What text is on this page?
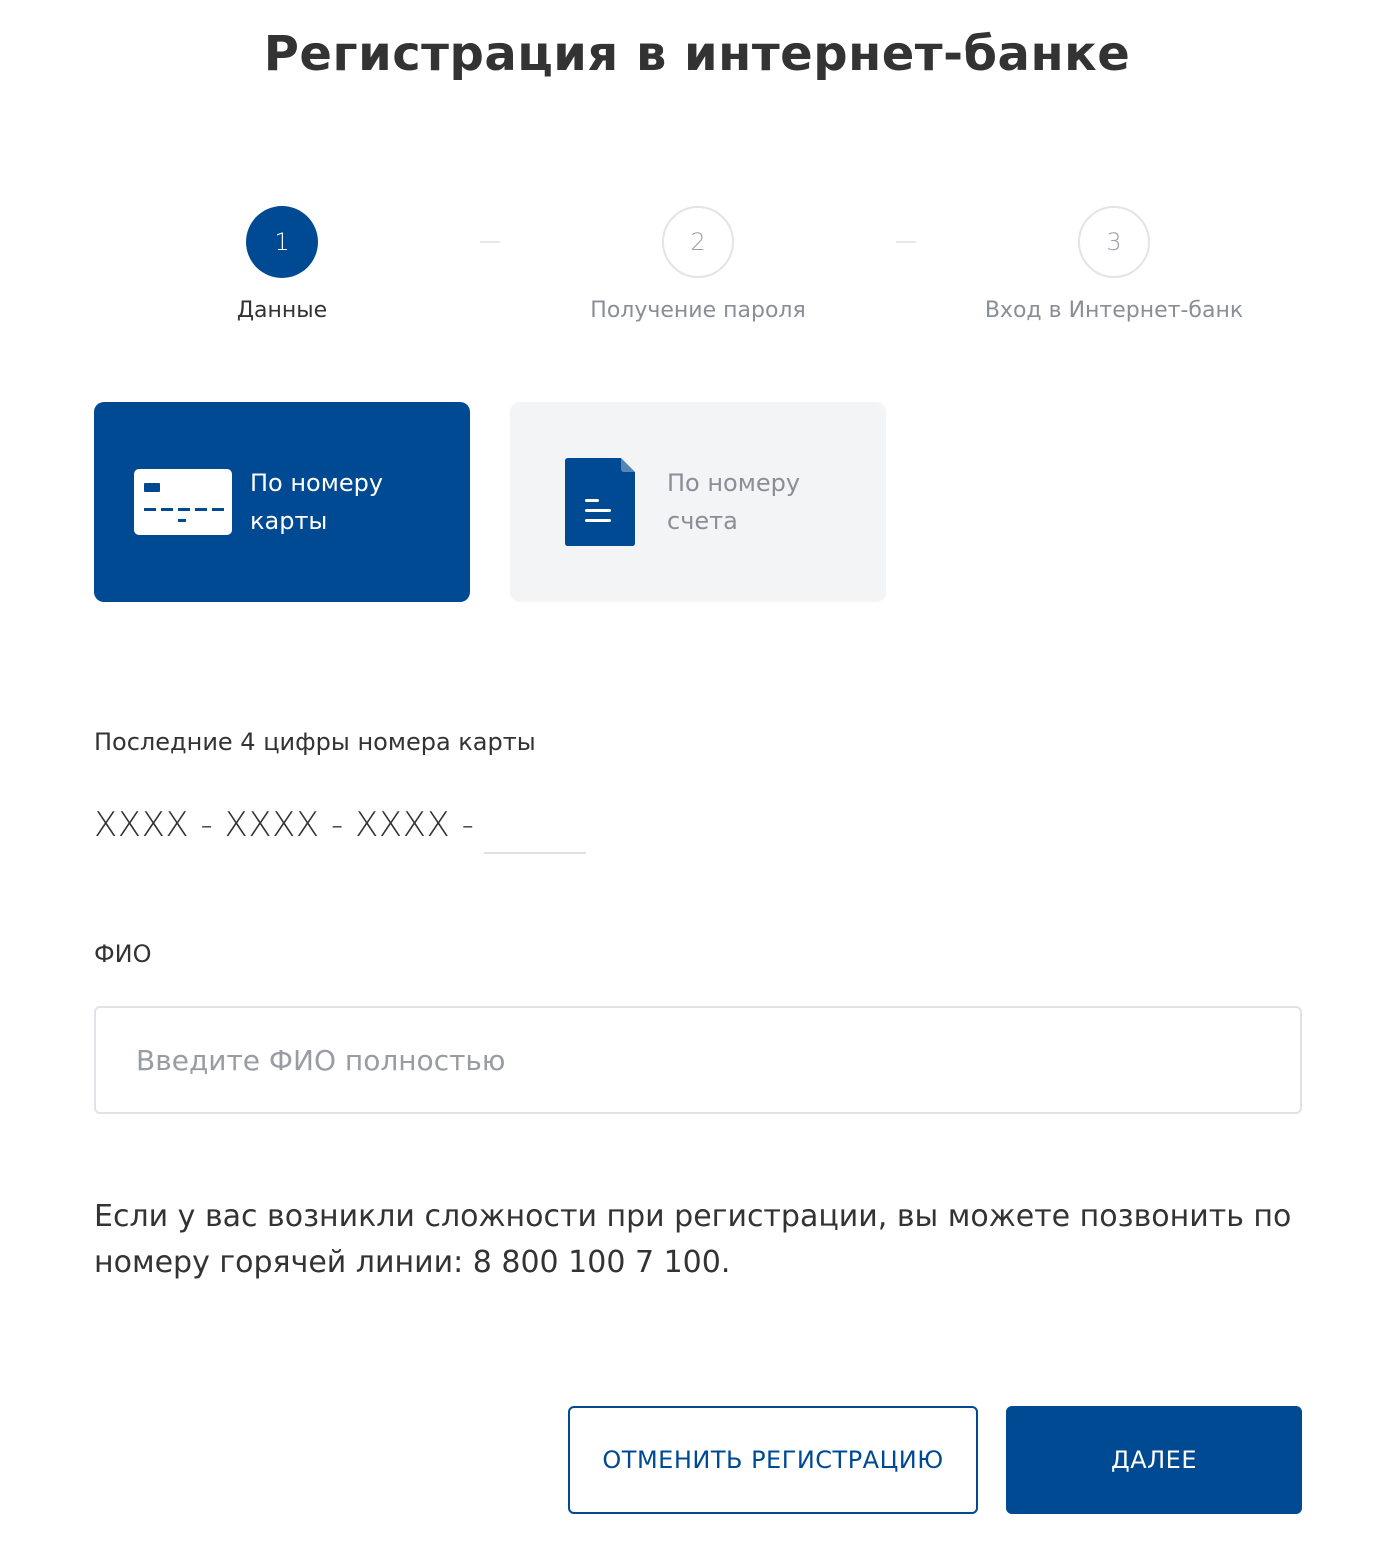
Регистрация в интернет-банке
1
Данные
2
Получение пароля
3
Вход в Интернет-банк
По номеру
карты
По номеру
счета
Последние 4 цифры номера карты
XXXX - XXXX - XXXX -
ФИО
Введите ФИО полностью

Если у вас возникли сложности при регистрации, вы можете позвонить по номеру горячей линии: 8 800 100 7 100.

ОТМЕНИТЬ РЕГИСТРАЦИЮ	ДАЛЕЕ
